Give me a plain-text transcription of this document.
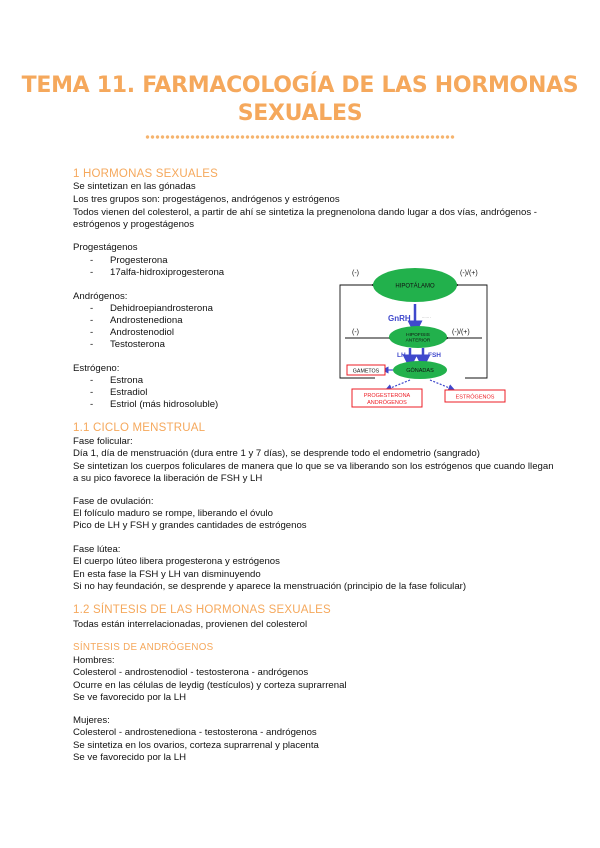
TEMA 11. FARMACOLOGÍA DE LAS HORMONAS
SEXUALES
1 HORMONAS SEXUALES
Se sintetizan en las gónadas
Los tres grupos son: progestágenos, andrógenos y estrógenos
Todos vienen del colesterol, a partir de ahí se sintetiza la pregnenolona dando lugar a dos vías, andrógenos -
estrógenos y progestágenos
Progestágenos
- Progesterona
- 17alfa-hidroxiprogesterona
Andrógenos:
- Dehidroepiandrosterona
- Androstenediona
- Androstenodiol
- Testosterona
Estrógeno:
- Estrona
- Estradiol
- Estriol (más hidrosoluble)
HIPOTÁLAMO
HIPOFISIS
ANTERIOR
GÓNADAS
GnRH	······ ·
LH	FSH
(-)	(-)/(+)
(-)	(-)/(+)
GAMETOS
PROGESTERONA
ANDRÓGENOS
ESTRÓGENOS
1.1 CICLO MENSTRUAL
Fase folicular:
Día 1, día de menstruación (dura entre 1 y 7 días), se desprende todo el endometrio (sangrado)
Se sintetizan los cuerpos foliculares de manera que lo que se va liberando son los estrógenos que cuando llegan
a su pico favorece la liberación de FSH y LH
Fase de ovulación:
El folículo maduro se rompe, liberando el óvulo
Pico de LH y FSH y grandes cantidades de estrógenos
Fase lútea:
El cuerpo lúteo libera progesterona y estrógenos
En esta fase la FSH y LH van disminuyendo
Si no hay feundación, se desprende y aparece la menstruación (principio de la fase folicular)
1.2 SÍNTESIS DE LAS HORMONAS SEXUALES
Todas están interrelacionadas, provienen del colesterol
SÍNTESIS DE ANDRÓGENOS
Hombres:
Colesterol - androstenodiol - testosterona - andrógenos
Ocurre en las células de leydig (testículos) y corteza suprarrenal
Se ve favorecido por la LH
Mujeres:
Colesterol - androstenediona - testosterona - andrógenos
Se sintetiza en los ovarios, corteza suprarrenal y placenta
Se ve favorecido por la LH
